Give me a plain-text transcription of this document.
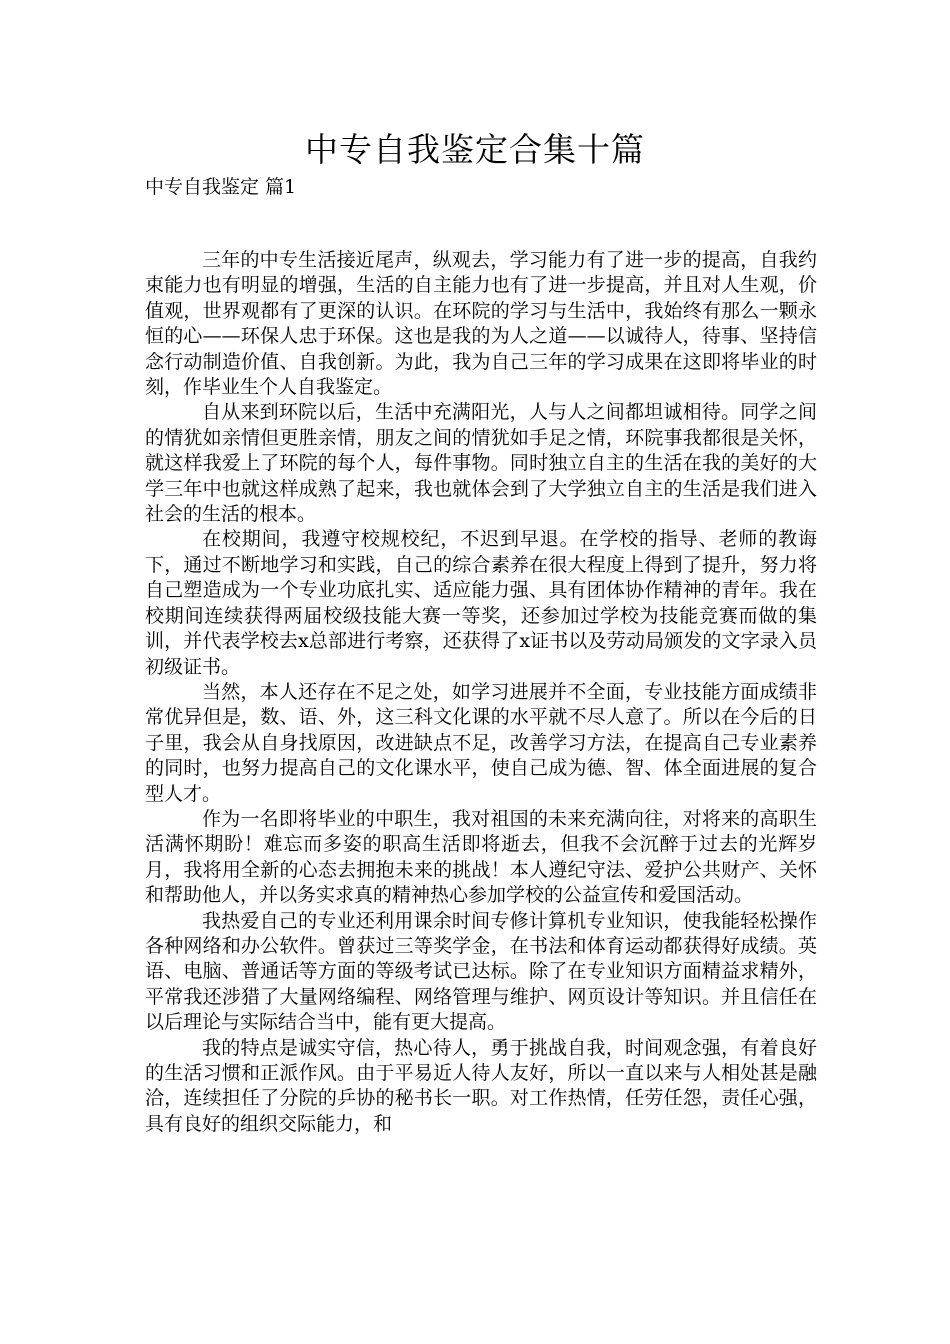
中专自我鉴定合集十篇
中专自我鉴定 篇1

三年的中专生活接近尾声，纵观去，学习能力有了进一步的提高，自我约束能力也有明显的增强，生活的自主能力也有了进一步提高，并且对人生观，价值观，世界观都有了更深的认识。在环院的学习与生活中，我始终有那么一颗永恒的心——环保人忠于环保。这也是我的为人之道——以诚待人，待事、坚持信念行动制造价值、自我创新。为此，我为自己三年的学习成果在这即将毕业的时刻，作毕业生个人自我鉴定。

自从来到环院以后，生活中充满阳光，人与人之间都坦诚相待。同学之间的情犹如亲情但更胜亲情，朋友之间的情犹如手足之情，环院事我都很是关怀，就这样我爱上了环院的每个人，每件事物。同时独立自主的生活在我的美好的大学三年中也就这样成熟了起来，我也就体会到了大学独立自主的生活是我们进入社会的生活的根本。

在校期间，我遵守校规校纪，不迟到早退。在学校的指导、老师的教诲下，通过不断地学习和实践，自己的综合素养在很大程度上得到了提升，努力将自己塑造成为一个专业功底扎实、适应能力强、具有团体协作精神的青年。我在校期间连续获得两届校级技能大赛一等奖，还参加过学校为技能竞赛而做的集训，并代表学校去x总部进行考察，还获得了x证书以及劳动局颁发的文字录入员初级证书。

当然，本人还存在不足之处，如学习进展并不全面，专业技能方面成绩非常优异但是，数、语、外，这三科文化课的水平就不尽人意了。所以在今后的日子里，我会从自身找原因，改进缺点不足，改善学习方法，在提高自己专业素养的同时，也努力提高自己的文化课水平，使自己成为德、智、体全面进展的复合型人才。

作为一名即将毕业的中职生，我对祖国的未来充满向往，对将来的高职生活满怀期盼！难忘而多姿的职高生活即将逝去，但我不会沉醉于过去的光辉岁月，我将用全新的心态去拥抱未来的挑战！本人遵纪守法、爱护公共财产、关怀和帮助他人，并以务实求真的精神热心参加学校的公益宣传和爱国活动。

我热爱自己的专业还利用课余时间专修计算机专业知识，使我能轻松操作各种网络和办公软件。曾获过三等奖学金，在书法和体育运动都获得好成绩。英语、电脑、普通话等方面的等级考试已达标。除了在专业知识方面精益求精外，平常我还涉猎了大量网络编程、网络管理与维护、网页设计等知识。并且信任在以后理论与实际结合当中，能有更大提高。

我的特点是诚实守信，热心待人，勇于挑战自我，时间观念强，有着良好的生活习惯和正派作风。由于平易近人待人友好，所以一直以来与人相处甚是融洽，连续担任了分院的乒协的秘书长一职。对工作热情，任劳任怨，责任心强，具有良好的组织交际能力，和
